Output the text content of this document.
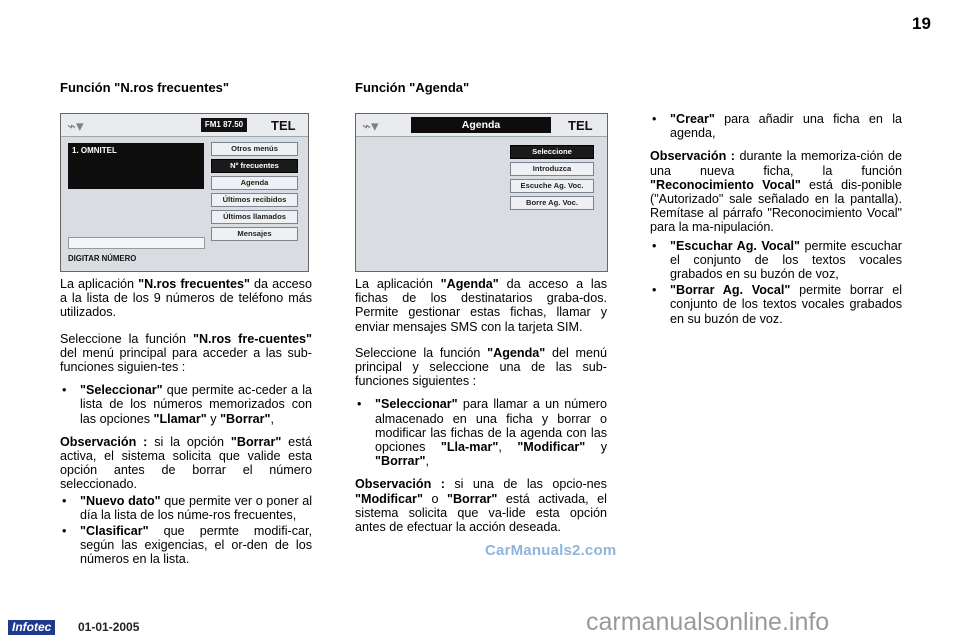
19
Función "N.ros frecuentes"
⌁▾	FM1 87.50 TEL
1. OMNITEL	Otros menús
Nº frecuentes
Agenda
Últimos recibidos
Últimos llamados
Mensajes
DIGITAR NÚMERO

La aplicación "N.ros frecuentes" da acceso a la lista de los 9 números de teléfono más utilizados.

Seleccione la función "N.ros fre-cuentes" del menú principal para acceder a las sub-funciones siguien-tes :

• "Seleccionar" que permite ac-ceder a la lista de los números memorizados con las opciones "Llamar" y "Borrar",

Observación : si la opción "Borrar" está activa, el sistema solicita que valide esta opción antes de borrar el número seleccionado.

• "Nuevo dato" que permite ver o poner al día la lista de los núme-ros frecuentes,
• "Clasificar" que permte modifi-car, según las exigencias, el or-den de los números en la lista.
Función "Agenda"
⌁▾	Agenda	TEL
Seleccione
Introduzca
Escuche Ag. Voc.
Borre Ag. Voc.

La aplicación "Agenda" da acceso a las fichas de los destinatarios graba-dos. Permite gestionar estas fichas, llamar y enviar mensajes SMS con la tarjeta SIM.

Seleccione la función "Agenda" del menú principal y seleccione una de las sub-funciones siguientes :

• "Seleccionar" para llamar a un número almacenado en una ficha y borrar o modificar las fichas de la agenda con las opciones "Lla-mar", "Modificar" y "Borrar",

Observación : si una de las opcio-nes "Modificar" o "Borrar" está activada, el sistema solicita que va-lide esta opción antes de efectuar la acción deseada.

• "Crear" para añadir una ficha en la agenda,

Observación : durante la memoriza-ción de una nueva ficha, la función "Reconocimiento Vocal" está dis-ponible ("Autorizado" sale señalado en la pantalla). Remítase al párrafo "Reconocimiento Vocal" para la ma-nipulación.

• "Escuchar Ag. Vocal" permite escuchar el conjunto de los textos vocales grabados en su buzón de voz,
• "Borrar Ag. Vocal" permite borrar el conjunto de los textos vocales grabados en su buzón de voz.
CarManuals2.com
Infotec	01-01-2005	carmanualsonline.info
